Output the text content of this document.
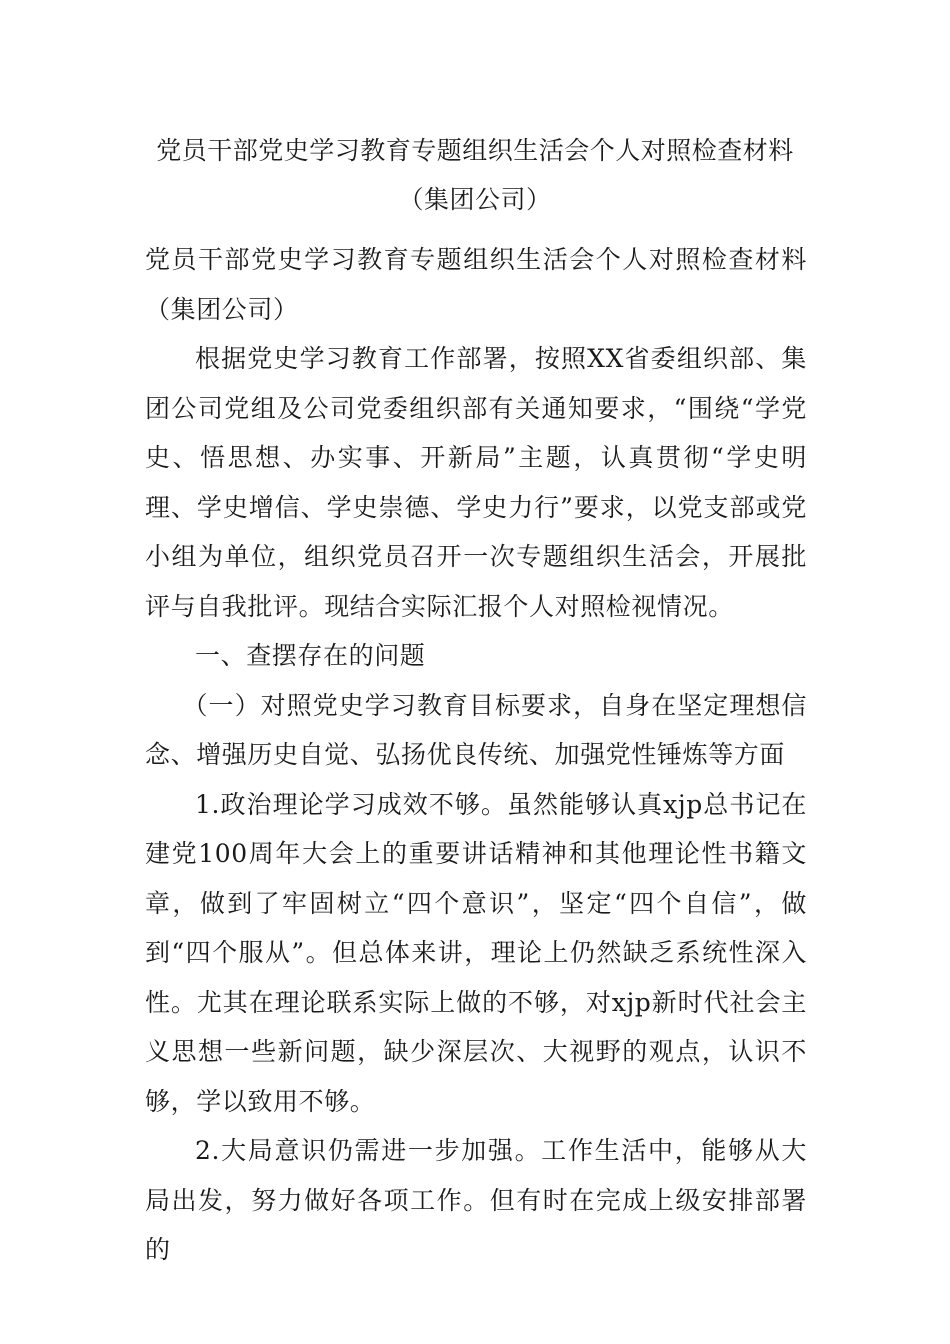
党员干部党史学习教育专题组织生活会个人对照检查材料
（集团公司）

党员干部党史学习教育专题组织生活会个人对照检查材料（集团公司）

根据党史学习教育工作部署，按照XX省委组织部、集团公司党组及公司党委组织部有关通知要求，“围绕“学党史、悟思想、办实事、开新局”主题，认真贯彻“学史明理、学史增信、学史崇德、学史力行”要求，以党支部或党小组为单位，组织党员召开一次专题组织生活会，开展批评与自我批评。现结合实际汇报个人对照检视情况。

一、查摆存在的问题

（一）对照党史学习教育目标要求，自身在坚定理想信念、增强历史自觉、弘扬优良传统、加强党性锤炼等方面

1.政治理论学习成效不够。虽然能够认真xjp总书记在建党100周年大会上的重要讲话精神和其他理论性书籍文章，做到了牢固树立“四个意识”，坚定“四个自信”，做到“四个服从”。但总体来讲，理论上仍然缺乏系统性深入性。尤其在理论联系实际上做的不够，对xjp新时代社会主义思想一些新问题，缺少深层次、大视野的观点，认识不够，学以致用不够。

2.大局意识仍需进一步加强。工作生活中，能够从大局出发，努力做好各项工作。但有时在完成上级安排部署的
